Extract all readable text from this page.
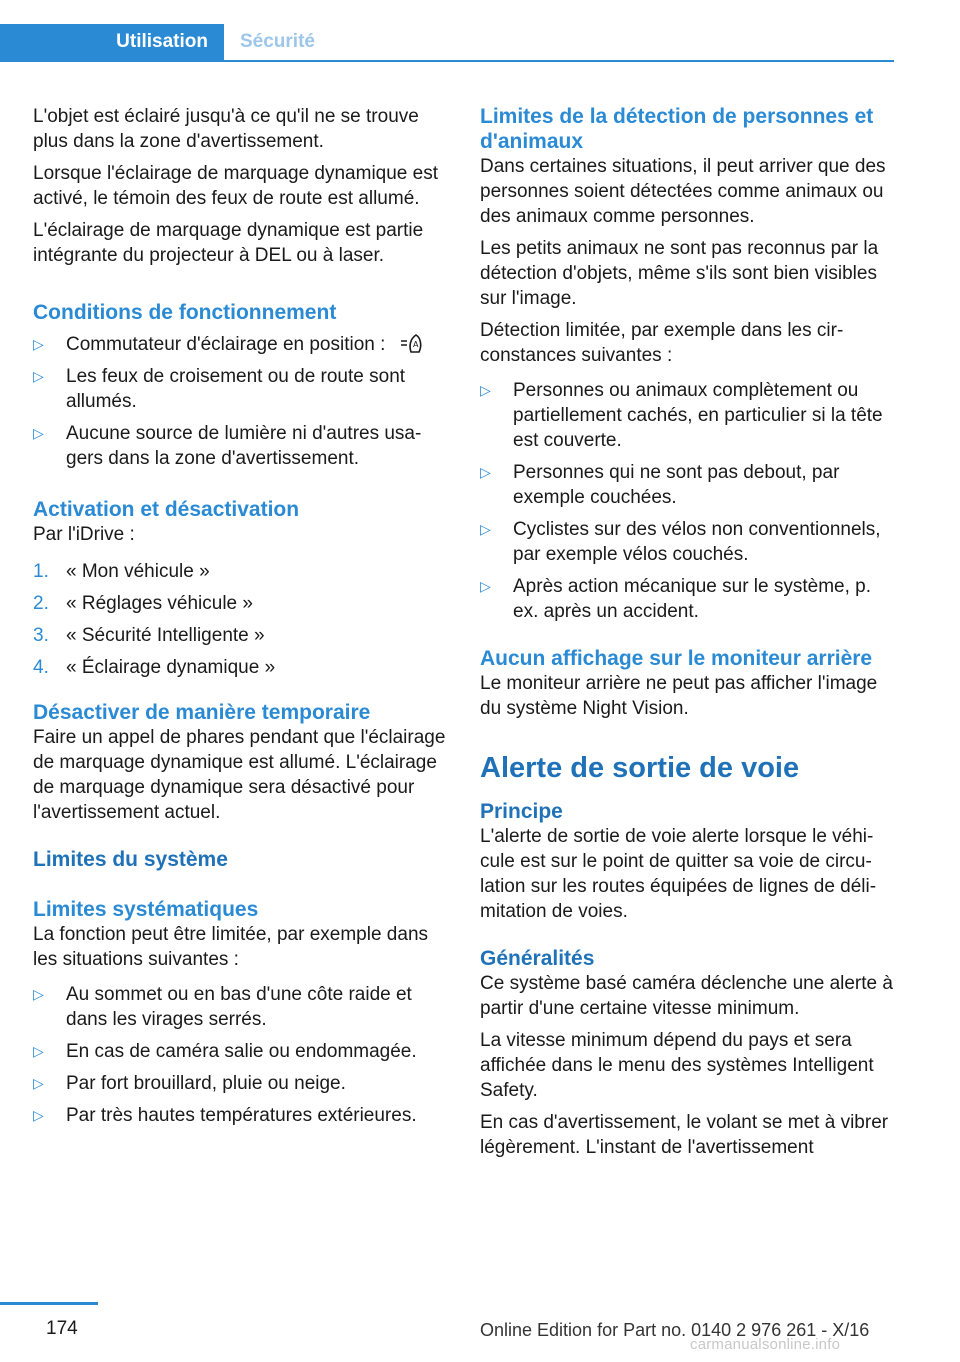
Utilisation	Sécurité

L'objet est éclairé jusqu'à ce qu'il ne se trouve plus dans la zone d'avertissement.

Lorsque l'éclairage de marquage dynamique est activé, le témoin des feux de route est allumé.

L'éclairage de marquage dynamique est partie intégrante du projecteur à DEL ou à laser.

Conditions de fonctionnement
▷ Commutateur d'éclairage en position :	A
▷ Les feux de croisement ou de route sont allumés.
▷ Aucune source de lumière ni d'autres usagers dans la zone d'avertissement.
Activation et désactivation

Par l'iDrive :

1. « Mon véhicule »
2. « Réglages véhicule »
3. « Sécurité Intelligente »
4. « Éclairage dynamique »
Désactiver de manière temporaire

Faire un appel de phares pendant que l'éclairage de marquage dynamique est allumé. L'éclairage de marquage dynamique sera désactivé pour l'avertissement actuel.

Limites du système
Limites systématiques

La fonction peut être limitée, par exemple dans les situations suivantes :

▷ Au sommet ou en bas d'une côte raide et dans les virages serrés.
▷ En cas de caméra salie ou endommagée.
▷ Par fort brouillard, pluie ou neige.
▷ Par très hautes températures extérieures.
Limites de la détection de personnes et d'animaux

Dans certaines situations, il peut arriver que des personnes soient détectées comme animaux ou des animaux comme personnes.

Les petits animaux ne sont pas reconnus par la détection d'objets, même s'ils sont bien visibles sur l'image.

Détection limitée, par exemple dans les circonstances suivantes :

▷ Personnes ou animaux complètement ou partiellement cachés, en particulier si la tête est couverte.
▷ Personnes qui ne sont pas debout, par exemple couchées.
▷ Cyclistes sur des vélos non conventionnels, par exemple vélos couchés.
▷ Après action mécanique sur le système, p. ex. après un accident.
Aucun affichage sur le moniteur arrière

Le moniteur arrière ne peut pas afficher l'image du système Night Vision.

Alerte de sortie de voie
Principe

L'alerte de sortie de voie alerte lorsque le véhicule est sur le point de quitter sa voie de circulation sur les routes équipées de lignes de délimitation de voies.

Généralités

Ce système basé caméra déclenche une alerte à partir d'une certaine vitesse minimum.

La vitesse minimum dépend du pays et sera affichée dans le menu des systèmes Intelligent Safety.

En cas d'avertissement, le volant se met à vibrer légèrement. L'instant de l'avertissement

174	Online Edition for Part no. 0140 2 976 261 - X/16
carmanualsonline.info
